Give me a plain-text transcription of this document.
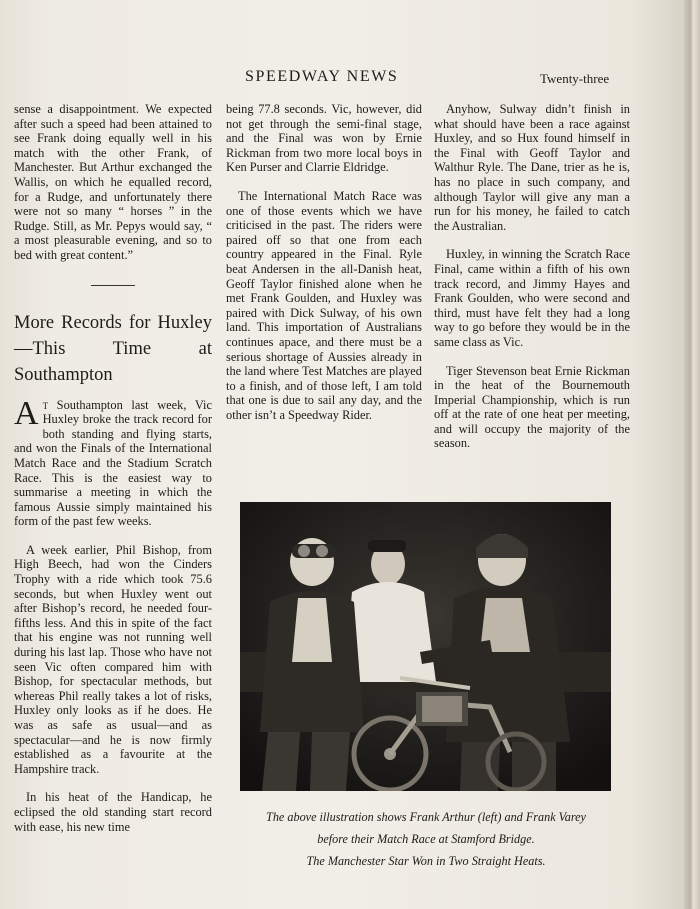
SPEEDWAY NEWS	Twenty-three

sense a disappointment. We expected after such a speed had been attained to see Frank doing equally well in his match with the other Frank, of Manchester. But Arthur exchanged the Wallis, on which he equalled record, for a Rudge, and unfortunately there were not so many “ horses ” in the Rudge. Still, as Mr. Pepys would say, “ a most pleasurable evening, and so to bed with great content.”

More Records for Huxley—This Time at Southampton

At Southampton last week, Vic Huxley broke the track record for both standing and flying starts, and won the Finals of the International Match Race and the Stadium Scratch Race. This is the easiest way to summarise a meeting in which the famous Aussie simply maintained his form of the past few weeks.

A week earlier, Phil Bishop, from High Beech, had won the Cinders Trophy with a ride which took 75.6 seconds, but when Huxley went out after Bishop’s record, he needed four-fifths less. And this in spite of the fact that his engine was not running well during his last lap. Those who have not seen Vic often compared him with Bishop, for spectacular methods, but whereas Phil really takes a lot of risks, Huxley only looks as if he does. He was as safe as usual—and as spectacular—and he is now firmly established as a favourite at the Hampshire track.

In his heat of the Handicap, he eclipsed the old standing start record with ease, his new time

being 77.8 seconds. Vic, however, did not get through the semi-final stage, and the Final was won by Ernie Rickman from two more local boys in Ken Purser and Clarrie Eldridge.

The International Match Race was one of those events which we have criticised in the past. The riders were paired off so that one from each country appeared in the Final. Ryle beat Andersen in the all-Danish heat, Geoff Taylor finished alone when he met Frank Goulden, and Huxley was paired with Dick Sulway, of his own land. This importation of Australians continues apace, and there must be a serious shortage of Aussies already in the land where Test Matches are played to a finish, and of those left, I am told that one is due to sail any day, and the other isn’t a Speedway Rider.

Anyhow, Sulway didn’t finish in what should have been a race against Huxley, and so Hux found himself in the Final with Geoff Taylor and Walthur Ryle. The Dane, trier as he is, has no place in such company, and although Taylor will give any man a run for his money, he failed to catch the Australian.

Huxley, in winning the Scratch Race Final, came within a fifth of his own track record, and Jimmy Hayes and Frank Goulden, who were second and third, must have felt they had a long way to go before they would be in the same class as Vic.

Tiger Stevenson beat Ernie Rickman in the heat of the Bournemouth Imperial Championship, which is run off at the rate of one heat per meeting, and will occupy the majority of the season.

The above illustration shows Frank Arthur (left) and Frank Varey
before their Match Race at Stamford Bridge.
The Manchester Star Won in Two Straight Heats.
